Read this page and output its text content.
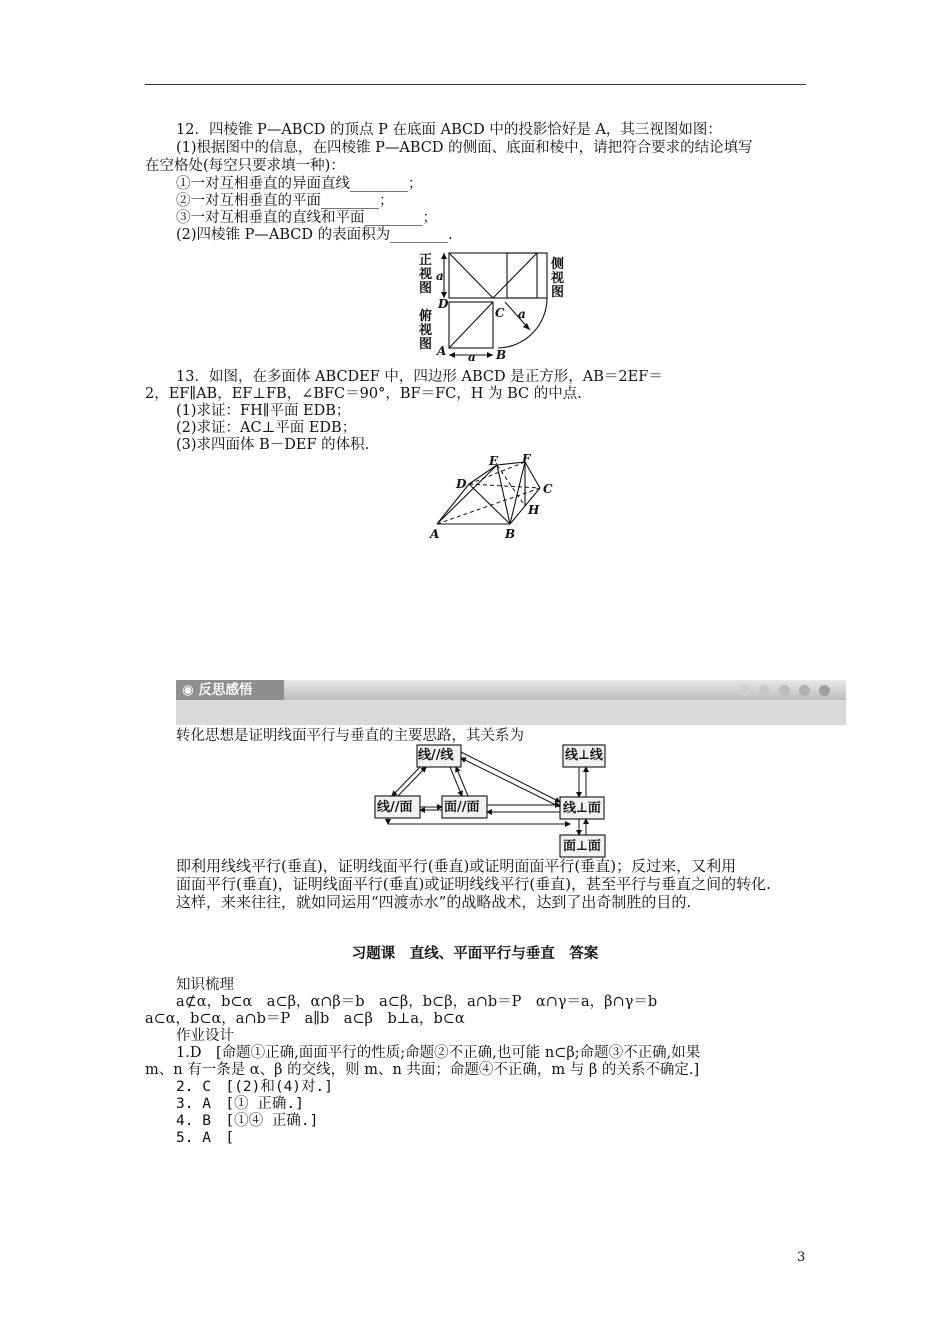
12．四棱锥 P—ABCD 的顶点 P 在底面 ABCD 中的投影恰好是 A，其三视图如图：
(1)根据图中的信息，在四棱锥 P—ABCD 的侧面、底面和棱中，请把符合要求的结论填写
在空格处(每空只要求填一种)：
①一对互相垂直的异面直线________；
②一对互相垂直的平面________；
③一对互相垂直的直线和平面________；
(2)四棱锥 P—ABCD 的表面积为________.
正视图
侧视图
俯视图
a
D
C a
A	B
a
13．如图，在多面体 ABCDEF 中，四边形 ABCD 是正方形，AB＝2EF＝
2，EF∥AB，EF⊥FB，∠BFC＝90°，BF＝FC，H 为 BC 的中点.
(1)求证：FH∥平面 EDB；
(2)求证：AC⊥平面 EDB；
(3)求四面体 B－DEF 的体积.
E F
D	C
H
A	B
◉ 反思感悟
转化思想是证明线面平行与垂直的主要思路，其关系为
线//线	线⊥线
线//面 面//面	线⊥面
面⊥面
即利用线线平行(垂直)，证明线面平行(垂直)或证明面面平行(垂直)；反过来，又利用
面面平行(垂直)，证明线面平行(垂直)或证明线线平行(垂直)，甚至平行与垂直之间的转化.
这样，来来往往，就如同运用“四渡赤水”的战略战术，达到了出奇制胜的目的.
习题课　直线、平面平行与垂直　答案
知识梳理
a⊄α，b⊂α　a⊂β，α∩β＝b　a⊂β，b⊂β，a∩b＝P　α∩γ＝a，β∩γ＝b
a⊂α，b⊂α，a∩b＝P　a∥b　a⊂β　b⊥a，b⊂α
作业设计
1.D　[命题①正确,面面平行的性质;命题②不正确,也可能 n⊂β;命题③不正确,如果
m、n 有一条是 α、β 的交线，则 m、n 共面；命题④不正确，m 与 β 的关系不确定.]
2. C　[(2)和(4)对.]
3. A　[① 正确.]
4. B　[①④ 正确.]
5. A　[
3
